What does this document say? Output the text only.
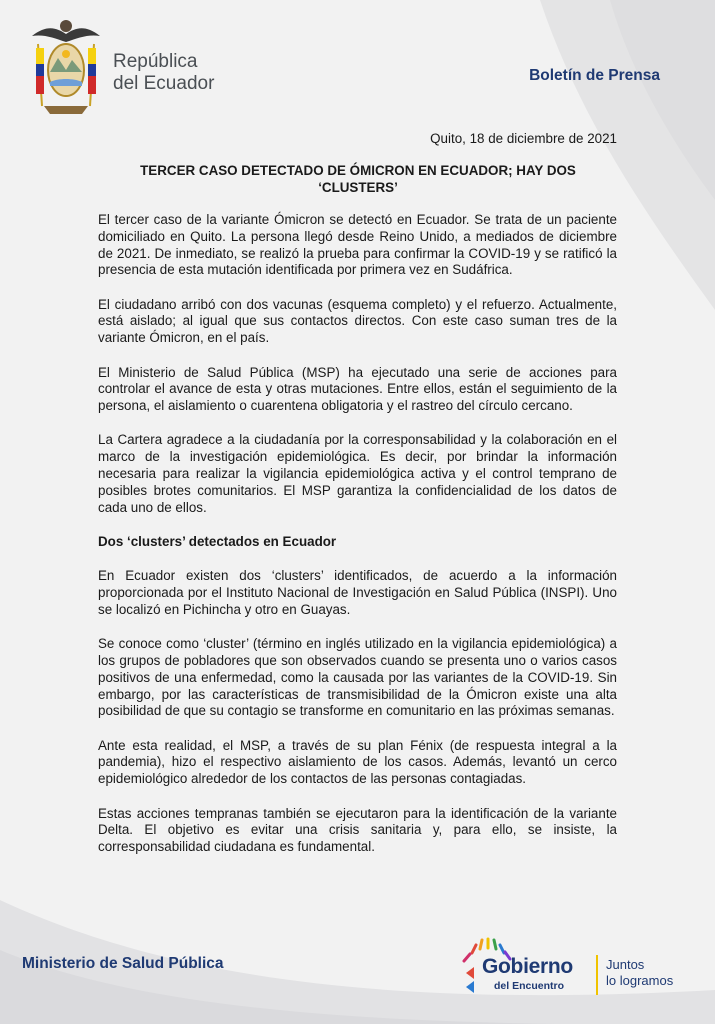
República
del Ecuador	Boletín de Prensa
Quito, 18 de diciembre de 2021
TERCER CASO DETECTADO DE ÓMICRON EN ECUADOR; HAY DOS
‘CLUSTERS’

El tercer caso de la variante Ómicron se detectó en Ecuador. Se trata de un paciente domiciliado en Quito. La persona llegó desde Reino Unido, a mediados de diciembre de 2021. De inmediato, se realizó la prueba para confirmar la COVID-19 y se ratificó la presencia de esta mutación identificada por primera vez en Sudáfrica.

El ciudadano arribó con dos vacunas (esquema completo) y el refuerzo. Actualmente, está aislado; al igual que sus contactos directos. Con este caso suman tres de la variante Ómicron, en el país.

El Ministerio de Salud Pública (MSP) ha ejecutado una serie de acciones para controlar el avance de esta y otras mutaciones. Entre ellos, están el seguimiento de la persona, el aislamiento o cuarentena obligatoria y el rastreo del círculo cercano.

La Cartera agradece a la ciudadanía por la corresponsabilidad y la colaboración en el marco de la investigación epidemiológica. Es decir, por brindar la información necesaria para realizar la vigilancia epidemiológica activa y el control temprano de posibles brotes comunitarios. El MSP garantiza la confidencialidad de los datos de cada uno de ellos.

Dos ‘clusters’ detectados en Ecuador

En Ecuador existen dos ‘clusters’ identificados, de acuerdo a la información proporcionada por el Instituto Nacional de Investigación en Salud Pública (INSPI). Uno se localizó en Pichincha y otro en Guayas.

Se conoce como ‘cluster’ (término en inglés utilizado en la vigilancia epidemiológica) a los grupos de pobladores que son observados cuando se presenta uno o varios casos positivos de una enfermedad, como la causada por las variantes de la COVID-19. Sin embargo, por las características de transmisibilidad de la Ómicron existe una alta posibilidad de que su contagio se transforme en comunitario en las próximas semanas.

Ante esta realidad, el MSP, a través de su plan Fénix (de respuesta integral a la pandemia), hizo el respectivo aislamiento de los casos. Además, levantó un cerco epidemiológico alrededor de los contactos de las personas contagiadas.

Estas acciones tempranas también se ejecutaron para la identificación de la variante Delta. El objetivo es evitar una crisis sanitaria y, para ello, se insiste, la corresponsabilidad ciudadana es fundamental.

Ministerio de Salud Pública	Gobierno
del Encuentro
Juntos
lo logramos
